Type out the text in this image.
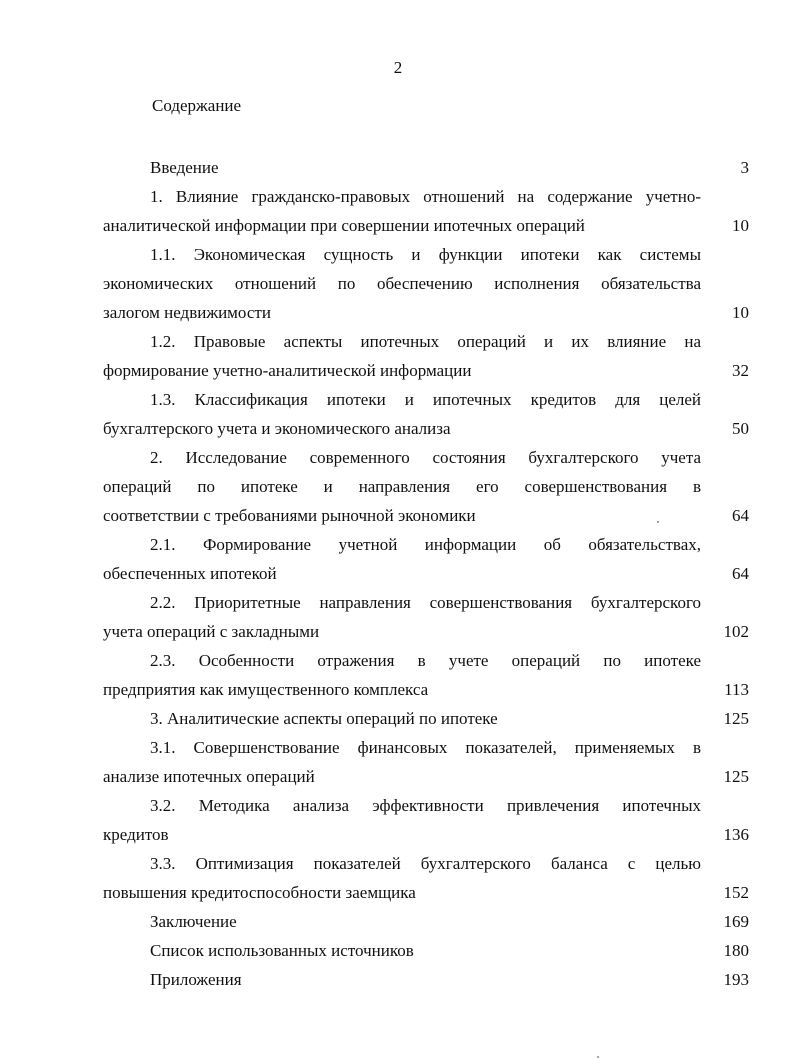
2
Содержание
Введение	3
1. Влияние гражданско-правовых отношений на содержание учетно-
аналитической информации при совершении ипотечных операций	10
1.1. Экономическая сущность и функции ипотеки как системы
экономических отношений по обеспечению исполнения обязательства
залогом недвижимости	10
1.2. Правовые аспекты ипотечных операций и их влияние на
формирование учетно-аналитической информации	32
1.3. Классификация ипотеки и ипотечных кредитов для целей
бухгалтерского учета и экономического анализа	50
2. Исследование современного состояния бухгалтерского учета
операций по ипотеке и направления его совершенствования в
соответствии с требованиями рыночной экономики	64
2.1. Формирование учетной информации об обязательствах,
обеспеченных ипотекой	64
2.2. Приоритетные направления совершенствования бухгалтерского
учета операций с закладными	102
2.3. Особенности отражения в учете операций по ипотеке
предприятия как имущественного комплекса	113
3. Аналитические аспекты операций по ипотеке	125
3.1. Совершенствование финансовых показателей, применяемых в
анализе ипотечных операций	125
3.2. Методика анализа эффективности привлечения ипотечных
кредитов	136
3.3. Оптимизация показателей бухгалтерского баланса с целью
повышения кредитоспособности заемщика	152
Заключение	169
Список использованных источников	180
Приложения	193
